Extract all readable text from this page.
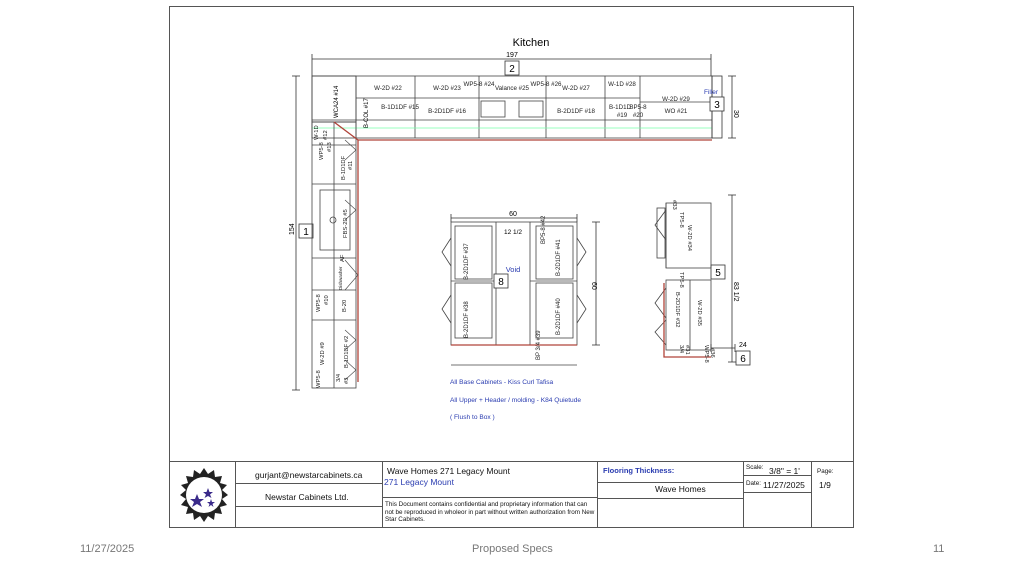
Kitchen
197
2
30
3
W-2D #22	W-2D #23
WP5-8 #24
Valance #25
WP5-8 #26
W-2D #27
W-1D #28
W-2D #29
WO #21
B-1D1DF #15
B-2D1DF #16	B-2D1DF #18
B-1D1D
BP5-8
#19 #20
Filler
WCA24 #14	B-COL #17
154 1
WP5-8
W-1D #12
#13
B-1D1DF #11
FBS-2D #5
Dishwasher
WP5-8 #10 B-20
W-2D #9	B-1D1DF #2
WP5-8 3/4 #3
AF
60
60
12 1/2
Void
8
B-2D1DF #37
B-2D1DF #38
B-2D1DF #41
B-2D1DF #40
BP5-8 #42
BP 3/4 #39
83 1/2
5
24
6
TP5-8
#33
W-2D #34
TP5-8
B-2D1DF #32	W-2D #35
3/4 #31 WP5-8 #36
All Base Cabinets - Kiss Curl Tafisa
All Upper + Header / molding - K84 Quietude
( Flush to Box )
gurjant@newstarcabinets.ca
Newstar Cabinets Ltd.
Wave Homes 271 Legacy Mount
271 Legacy Mount
This Document contains confidential and proprietary information that can not be reproduced in wholeor in part without written authorization from New Star Cabinets.
Flooring Thickness:
Wave Homes
Scale: 3/8" = 1'
Date: 11/27/2025
Page:
1/9
11/27/2025	Proposed Specs	11
